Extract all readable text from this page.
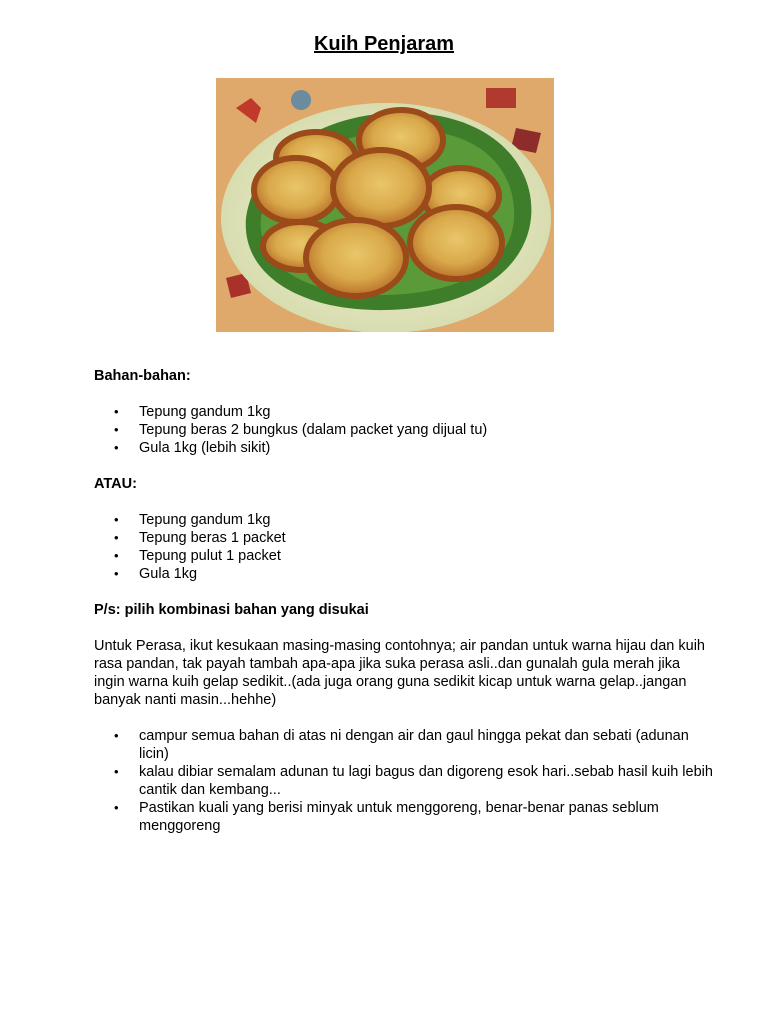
Kuih Penjaram

Bahan-bahan:

• Tepung gandum 1kg
• Tepung beras 2 bungkus (dalam packet yang dijual tu)
• Gula 1kg (lebih sikit)

ATAU:

• Tepung gandum 1kg
• Tepung beras 1 packet
• Tepung pulut 1 packet
• Gula 1kg

P/s: pilih kombinasi bahan yang disukai

Untuk Perasa, ikut kesukaan masing-masing contohnya; air pandan untuk warna hijau dan kuih rasa pandan, tak payah tambah apa-apa jika suka perasa asli..dan gunalah gula merah jika ingin warna kuih gelap sedikit..(ada juga orang guna sedikit kicap untuk warna gelap..jangan banyak nanti masin...hehhe)

• campur semua bahan di atas ni dengan air dan gaul hingga pekat dan sebati (adunan licin)
• kalau dibiar semalam adunan tu lagi bagus dan digoreng esok hari..sebab hasil kuih lebih cantik dan kembang...
• Pastikan kuali yang berisi minyak untuk menggoreng, benar-benar panas seblum menggoreng
